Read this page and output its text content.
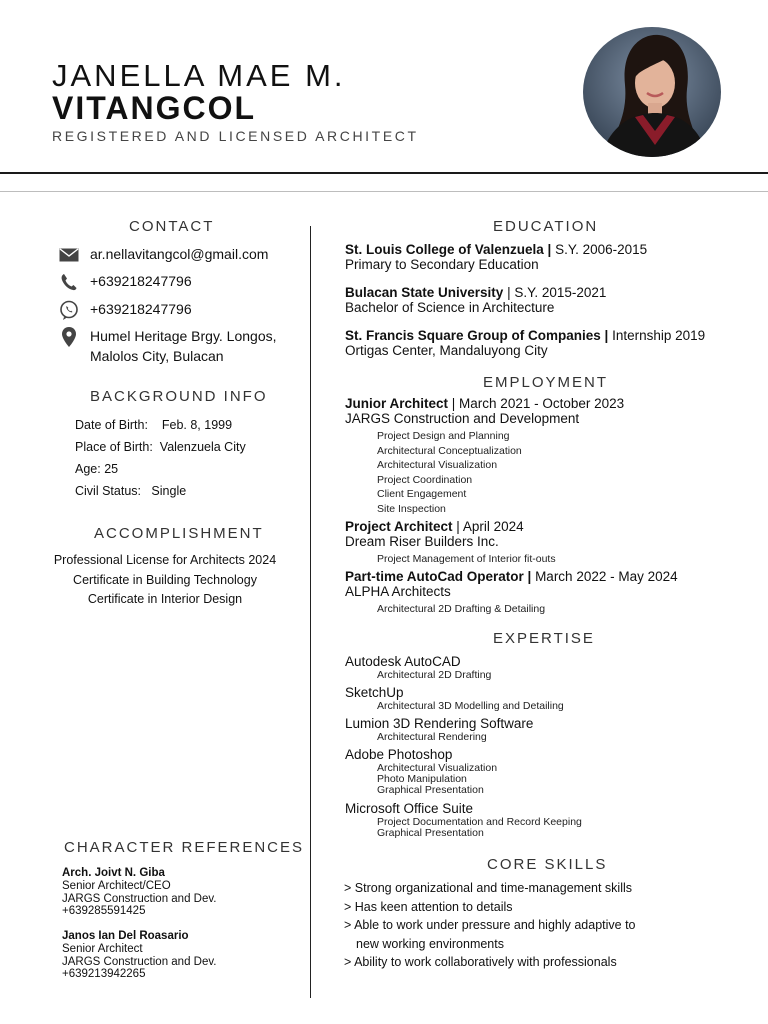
JANELLA MAE M.
VITANGCOL
REGISTERED AND LICENSED ARCHITECT
CONTACT
ar.nellavitangcol@gmail.com
+639218247796
+639218247796
Humel Heritage Brgy. Longos,
Malolos City, Bulacan
BACKGROUND INFO
Date of Birth: Feb. 8, 1999
Place of Birth: Valenzuela City
Age: 25
Civil Status: Single
ACCOMPLISHMENT
Professional License for Architects 2024
Certificate in Building Technology
Certificate in Interior Design
CHARACTER REFERENCES
Arch. Joivt N. Giba
Senior Architect/CEO
JARGS Construction and Dev.
+639285591425
Janos Ian Del Roasario
Senior Architect
JARGS Construction and Dev.
+639213942265
EDUCATION
St. Louis College of Valenzuela | S.Y. 2006-2015
Primary to Secondary Education
Bulacan State University | S.Y. 2015-2021
Bachelor of Science in Architecture
St. Francis Square Group of Companies | Internship 2019
Ortigas Center, Mandaluyong City
EMPLOYMENT
Junior Architect | March 2021 - October 2023
JARGS Construction and Development
Project Design and Planning
Architectural Conceptualization
Architectural Visualization
Project Coordination
Client Engagement
Site Inspection
Project Architect | April 2024
Dream Riser Builders Inc.
Project Management of Interior fit-outs
Part-time AutoCad Operator | March 2022 - May 2024
ALPHA Architects
Architectural 2D Drafting & Detailing
EXPERTISE
Autodesk AutoCAD
Architectural 2D Drafting
SketchUp
Architectural 3D Modelling and Detailing
Lumion 3D Rendering Software
Architectural Rendering
Adobe Photoshop
Architectural Visualization
Photo Manipulation
Graphical Presentation
Microsoft Office Suite
Project Documentation and Record Keeping
Graphical Presentation
CORE SKILLS
> Strong organizational and time-management skills
> Has keen attention to details
> Able to work under pressure and highly adaptive to
new working environments
> Ability to work collaboratively with professionals
